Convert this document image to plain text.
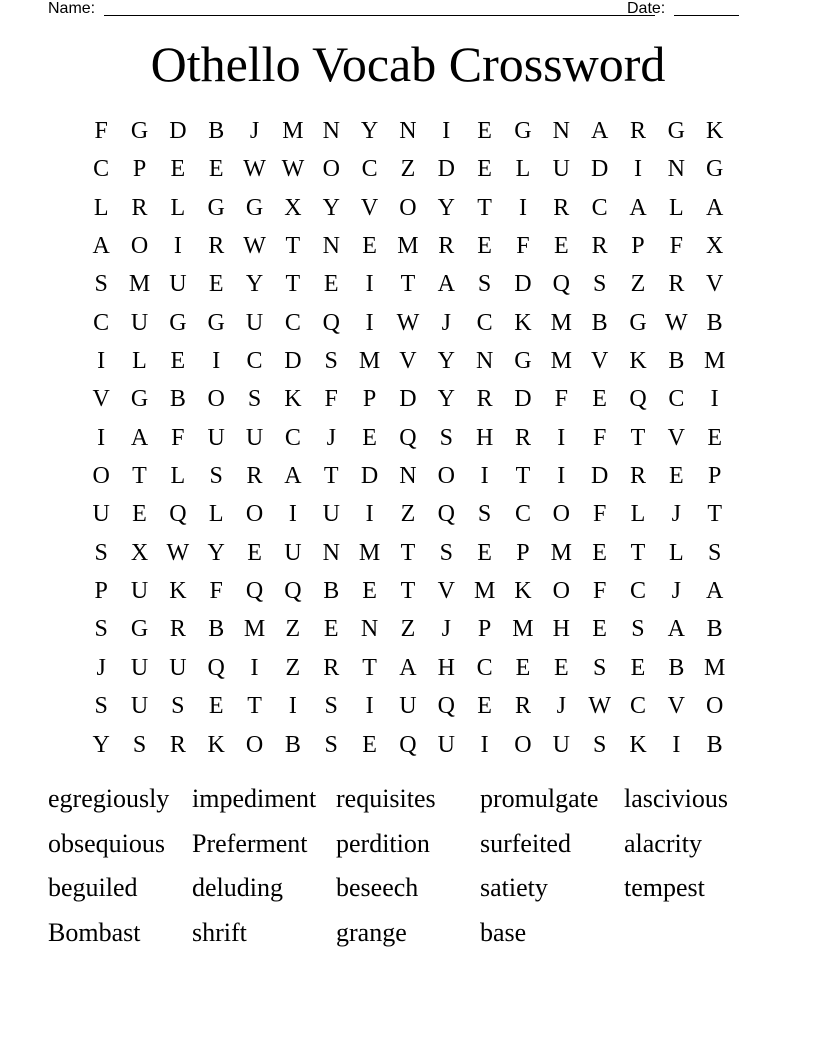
Name:	Date:
Othello Vocab Crossword
F G D B	J M N Y N	I	E G N A R G K
C P	E E W W O C Z D E L U D	I	N G
L R L G G X Y V O Y T	I	R C A L A
A O	I	R W T N E M R E	F	E R P	F X
S M U E Y T E	I	T A S D Q S	Z R V
C U G G U C Q	I W J	C K M B G W B
I	L E	I	C D S M V Y N G M V K B M
V G B O S K F	P D Y R D F	E Q C	I
I	A F U U C	J	E Q S H R	I	F	T V E
O T L	S R A T D N O	I	T	I	D R E	P
U E Q L O	I	U	I	Z Q S C O F	L	J	T
S X W Y E U N M T	S	E	P M E T L	S
P U K F Q Q B E T V M K O F C	J	A
S G R B M Z E N Z	J	P M H E	S A B
J	U U Q	I	Z R T A H C E E	S	E B M
S U S	E T	I	S	I	U Q E R	J W C V O
Y S R K O B S	E Q U	I	O U S K	I	B
egregiously impediment requisites	promulgate lascivious
obsequious	Preferment	perdition	surfeited	alacrity
beguiled	deluding	beseech	satiety	tempest
Bombast	shrift	grange	base
